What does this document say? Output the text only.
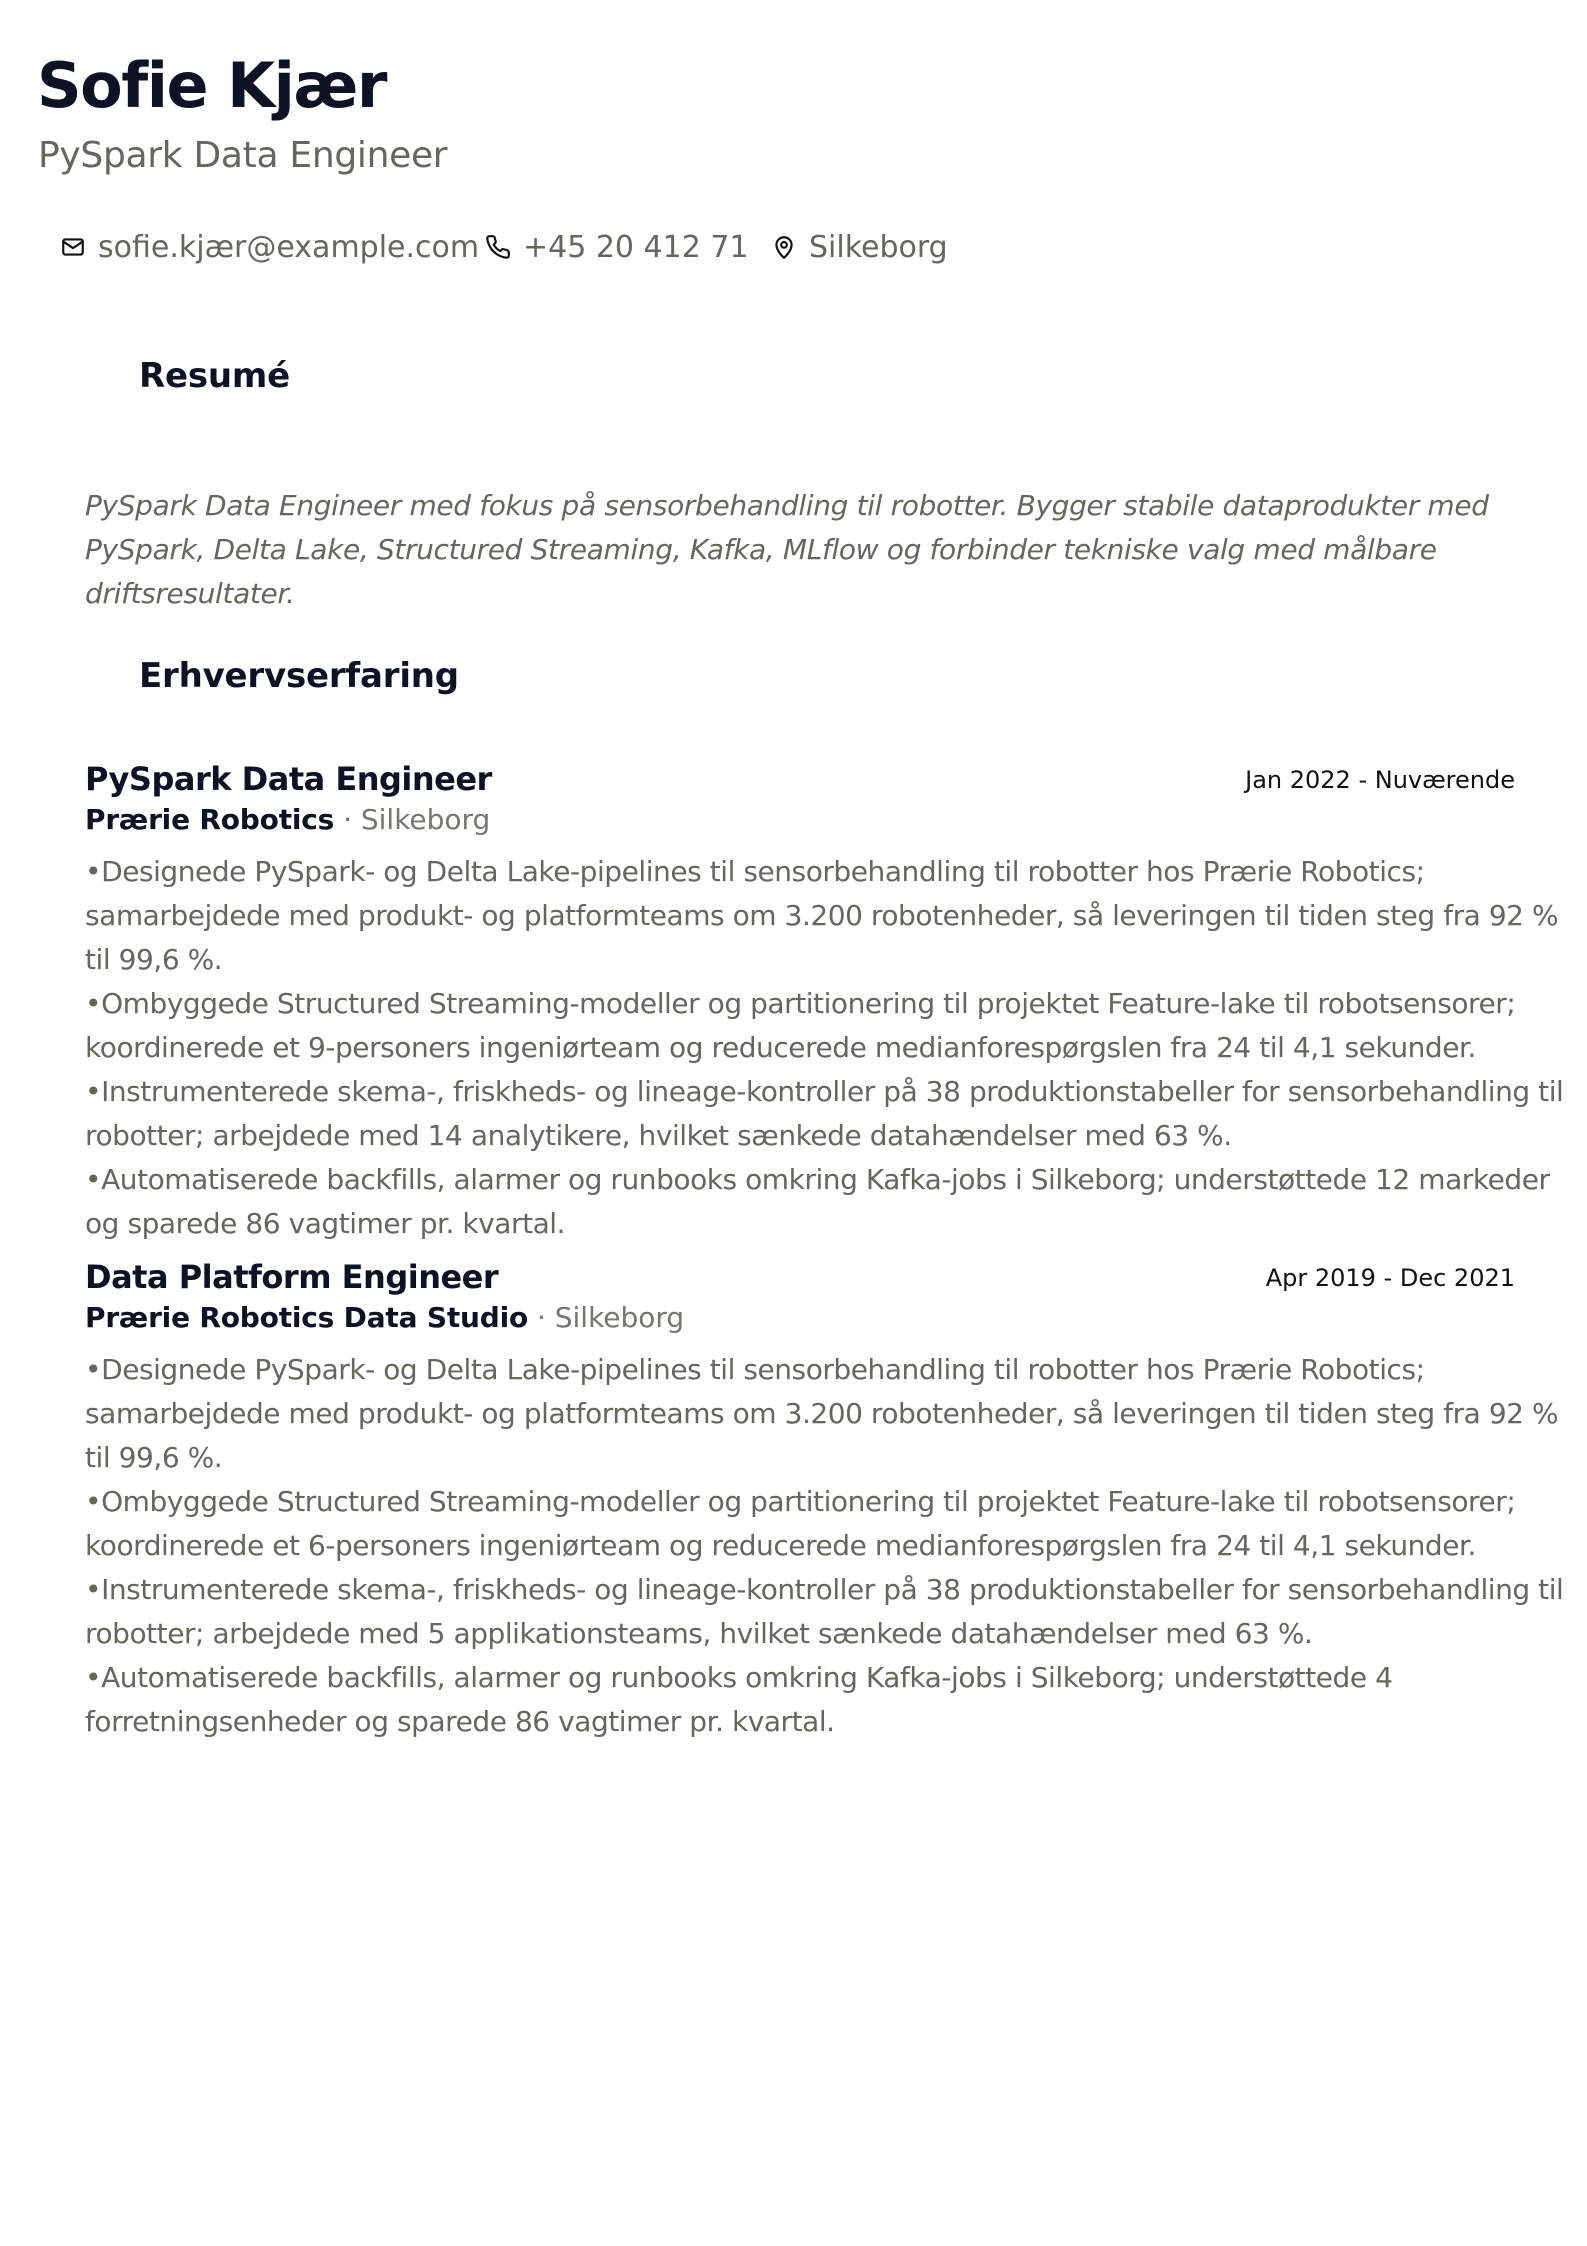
Sofie Kjær
PySpark Data Engineer
sofie.kjær@example.com +45 20 412 71 Silkeborg
Resumé

PySpark Data Engineer med fokus på sensorbehandling til robotter. Bygger stabile dataprodukter med PySpark, Delta Lake, Structured Streaming, Kafka, MLflow og forbinder tekniske valg med målbare driftsresultater.

Erhvervserfaring
PySpark Data Engineer	Jan 2022 - Nuværende
Prærie Robotics · Silkeborg
• Designede PySpark- og Delta Lake-pipelines til sensorbehandling til robotter hos Prærie Robotics; samarbejdede med produkt- og platformteams om 3.200 robotenheder, så leveringen til tiden steg fra 92 % til 99,6 %.
• Ombyggede Structured Streaming-modeller og partitionering til projektet Feature-lake til robotsensorer; koordinerede et 9-personers ingeniørteam og reducerede medianforespørgslen fra 24 til 4,1 sekunder.
• Instrumenterede skema-, friskheds- og lineage-kontroller på 38 produktionstabeller for sensorbehandling til robotter; arbejdede med 14 analytikere, hvilket sænkede datahændelser med 63 %.
• Automatiserede backfills, alarmer og runbooks omkring Kafka-jobs i Silkeborg; understøttede 12 markeder og sparede 86 vagtimer pr. kvartal.
Data Platform Engineer	Apr 2019 - Dec 2021
Prærie Robotics Data Studio · Silkeborg
• Designede PySpark- og Delta Lake-pipelines til sensorbehandling til robotter hos Prærie Robotics; samarbejdede med produkt- og platformteams om 3.200 robotenheder, så leveringen til tiden steg fra 92 % til 99,6 %.
• Ombyggede Structured Streaming-modeller og partitionering til projektet Feature-lake til robotsensorer; koordinerede et 6-personers ingeniørteam og reducerede medianforespørgslen fra 24 til 4,1 sekunder.
• Instrumenterede skema-, friskheds- og lineage-kontroller på 38 produktionstabeller for sensorbehandling til robotter; arbejdede med 5 applikationsteams, hvilket sænkede datahændelser med 63 %.
• Automatiserede backfills, alarmer og runbooks omkring Kafka-jobs i Silkeborg; understøttede 4 forretningsenheder og sparede 86 vagtimer pr. kvartal.
